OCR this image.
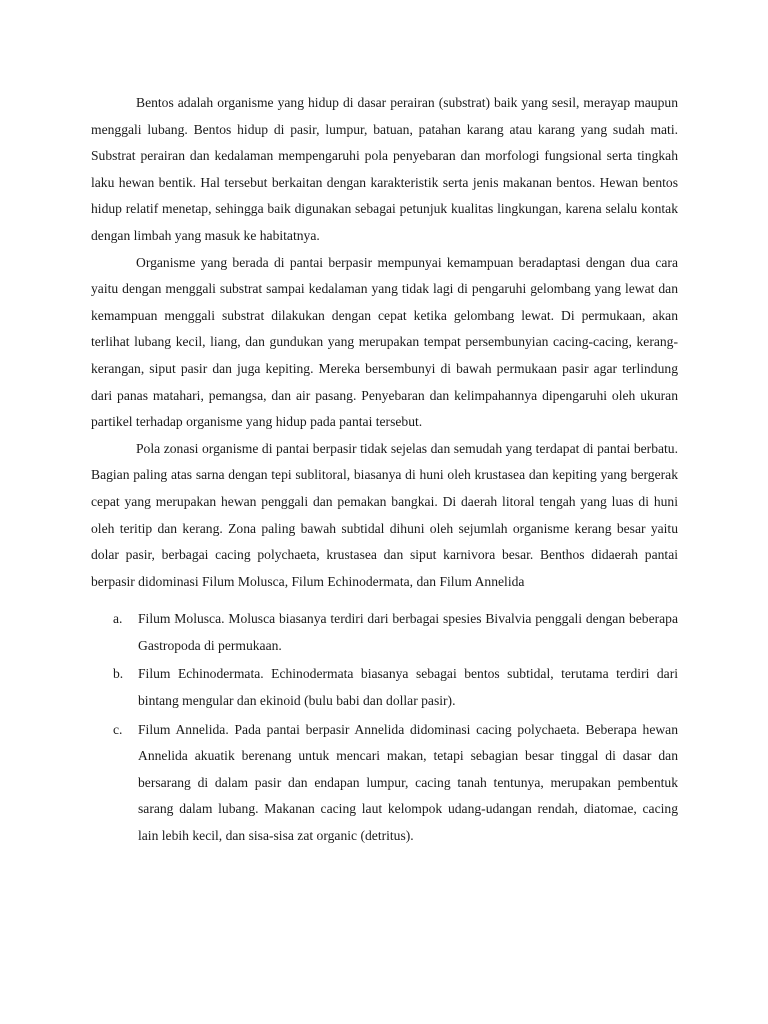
Bentos adalah organisme yang hidup di dasar perairan (substrat) baik yang sesil, merayap maupun menggali lubang. Bentos hidup di pasir, lumpur, batuan, patahan karang atau karang yang sudah mati. Substrat perairan dan kedalaman mempengaruhi pola penyebaran dan morfologi fungsional serta tingkah laku hewan bentik. Hal tersebut berkaitan dengan karakteristik serta jenis makanan bentos. Hewan bentos hidup relatif menetap, sehingga baik digunakan sebagai petunjuk kualitas lingkungan, karena selalu kontak dengan limbah yang masuk ke habitatnya.

Organisme yang berada di pantai berpasir mempunyai kemampuan beradaptasi dengan dua cara yaitu dengan menggali substrat sampai kedalaman yang tidak lagi di pengaruhi gelombang yang lewat dan kemampuan menggali substrat dilakukan dengan cepat ketika gelombang lewat. Di permukaan, akan terlihat lubang kecil, liang, dan gundukan yang merupakan tempat persembunyian cacing-cacing, kerang-kerangan, siput pasir dan juga kepiting. Mereka bersembunyi di bawah permukaan pasir agar terlindung dari panas matahari, pemangsa, dan air pasang. Penyebaran dan kelimpahannya dipengaruhi oleh ukuran partikel terhadap organisme yang hidup pada pantai tersebut.

Pola zonasi organisme di pantai berpasir tidak sejelas dan semudah yang terdapat di pantai berbatu. Bagian paling atas sarna dengan tepi sublitoral, biasanya di huni oleh krustasea dan kepiting yang bergerak cepat yang merupakan hewan penggali dan pemakan bangkai. Di daerah litoral tengah yang luas di huni oleh teritip dan kerang. Zona paling bawah subtidal dihuni oleh sejumlah organisme kerang besar yaitu dolar pasir, berbagai cacing polychaeta, krustasea dan siput karnivora besar. Benthos didaerah pantai berpasir didominasi Filum Molusca, Filum Echinodermata, dan Filum Annelida

a. Filum Molusca. Molusca biasanya terdiri dari berbagai spesies Bivalvia penggali dengan beberapa Gastropoda di permukaan.
b. Filum Echinodermata. Echinodermata biasanya sebagai bentos subtidal, terutama terdiri dari bintang mengular dan ekinoid (bulu babi dan dollar pasir).
c. Filum Annelida. Pada pantai berpasir Annelida didominasi cacing polychaeta. Beberapa hewan Annelida akuatik berenang untuk mencari makan, tetapi sebagian besar tinggal di dasar dan bersarang di dalam pasir dan endapan lumpur, cacing tanah tentunya, merupakan pembentuk sarang dalam lubang. Makanan cacing laut kelompok udang-udangan rendah, diatomae, cacing lain lebih kecil, dan sisa-sisa zat organic (detritus).
